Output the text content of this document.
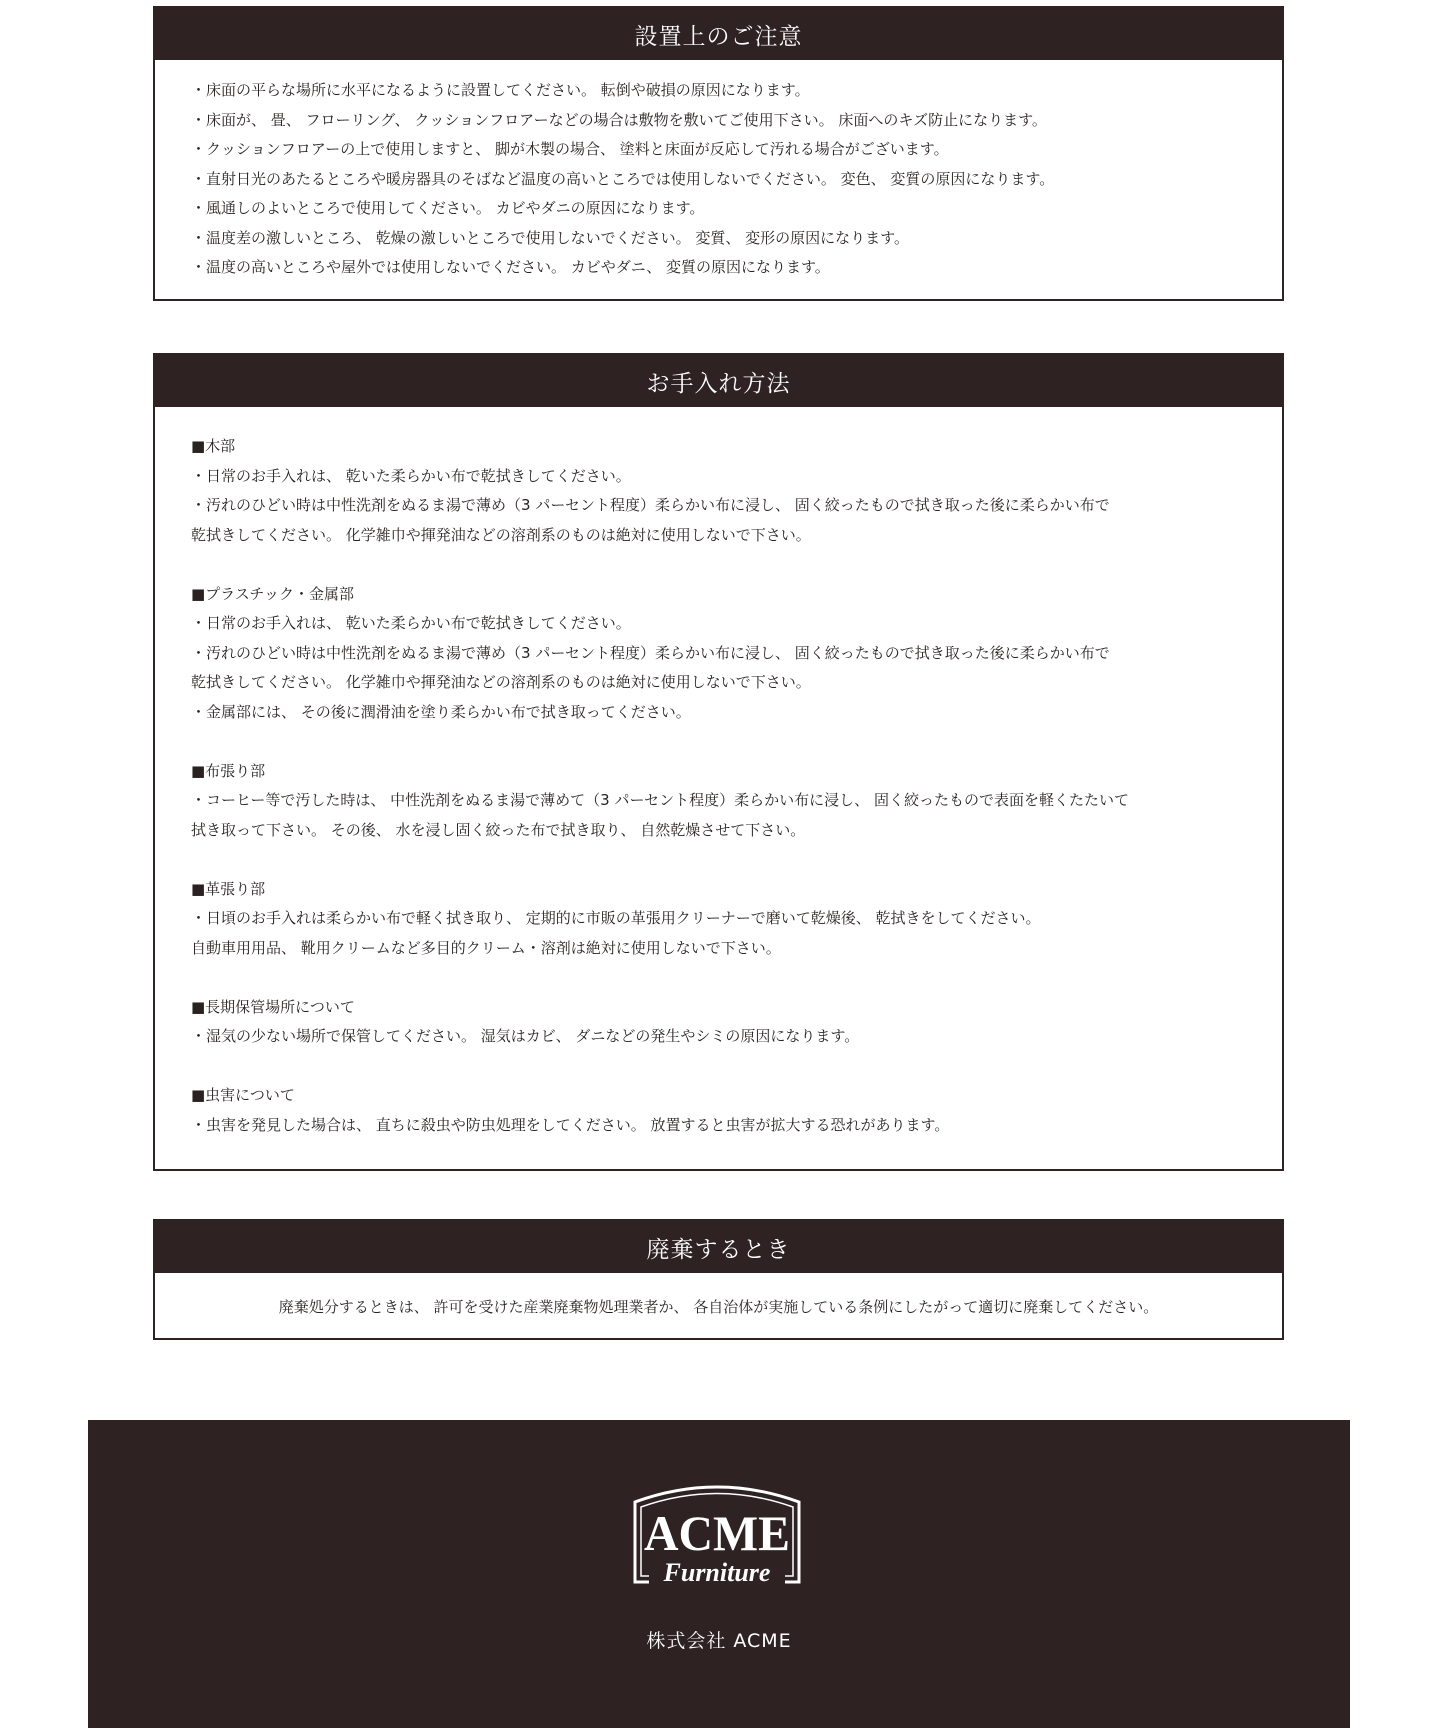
設置上のご注意
・床面の平らな場所に水平になるように設置してください。 転倒や破損の原因になります。
・床面が、 畳、 フローリング、 クッションフロアーなどの場合は敷物を敷いてご使用下さい。 床面へのキズ防止になります。
・クッションフロアーの上で使用しますと、 脚が木製の場合、 塗料と床面が反応して汚れる場合がございます。
・直射日光のあたるところや暖房器具のそばなど温度の高いところでは使用しないでください。 変色、 変質の原因になります。
・風通しのよいところで使用してください。 カビやダニの原因になります。
・温度差の激しいところ、 乾燥の激しいところで使用しないでください。 変質、 変形の原因になります。
・温度の高いところや屋外では使用しないでください。 カビやダニ、 変質の原因になります。
お手入れ方法
■木部
・日常のお手入れは、 乾いた柔らかい布で乾拭きしてください。
・汚れのひどい時は中性洗剤をぬるま湯で薄め（3 パーセント程度）柔らかい布に浸し、 固く絞ったもので拭き取った後に柔らかい布で
乾拭きしてください。 化学雑巾や揮発油などの溶剤系のものは絶対に使用しないで下さい。
■プラスチック・金属部
・日常のお手入れは、 乾いた柔らかい布で乾拭きしてください。
・汚れのひどい時は中性洗剤をぬるま湯で薄め（3 パーセント程度）柔らかい布に浸し、 固く絞ったもので拭き取った後に柔らかい布で
乾拭きしてください。 化学雑巾や揮発油などの溶剤系のものは絶対に使用しないで下さい。
・金属部には、 その後に潤滑油を塗り柔らかい布で拭き取ってください。
■布張り部
・コーヒー等で汚した時は、 中性洗剤をぬるま湯で薄めて（3 パーセント程度）柔らかい布に浸し、 固く絞ったもので表面を軽くたたいて
拭き取って下さい。 その後、 水を浸し固く絞った布で拭き取り、 自然乾燥させて下さい。
■革張り部
・日頃のお手入れは柔らかい布で軽く拭き取り、 定期的に市販の革張用クリーナーで磨いて乾燥後、 乾拭きをしてください。
自動車用用品、 靴用クリームなど多目的クリーム・溶剤は絶対に使用しないで下さい。
■長期保管場所について
・湿気の少ない場所で保管してください。 湿気はカビ、 ダニなどの発生やシミの原因になります。
■虫害について
・虫害を発見した場合は、 直ちに殺虫や防虫処理をしてください。 放置すると虫害が拡大する恐れがあります。
廃棄するとき
廃棄処分するときは、 許可を受けた産業廃棄物処理業者か、 各自治体が実施している条例にしたがって適切に廃棄してください。
ACME
Furniture
株式会社 ACME
